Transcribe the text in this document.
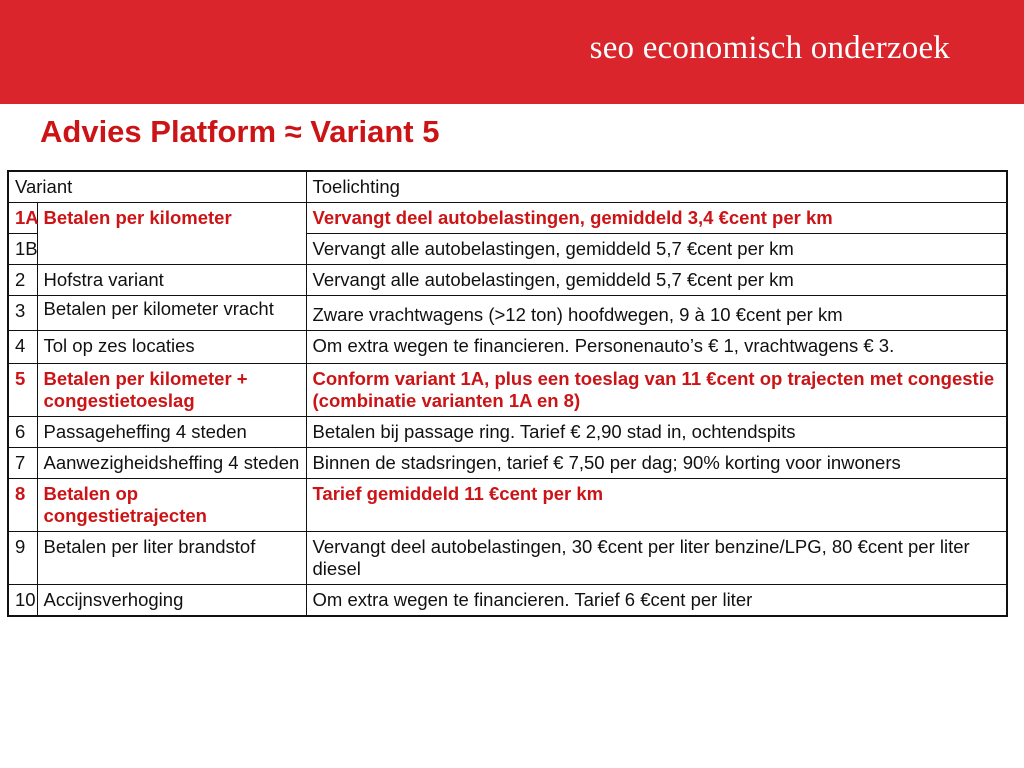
seo economisch onderzoek
Advies Platform ≈ Variant 5
Variant		Toelichting
1A	Betalen per kilometer	Vervangt deel autobelastingen, gemiddeld 3,4 €cent per km
1B		Vervangt alle autobelastingen, gemiddeld 5,7 €cent per km
2	Hofstra variant	Vervangt alle autobelastingen, gemiddeld 5,7 €cent per km
3	Betalen per kilometer vracht	Zware vrachtwagens (>12 ton) hoofdwegen, 9 à 10 €cent per km
4	Tol op zes locaties	Om extra wegen te financieren. Personenauto’s € 1, vrachtwagens € 3.
5	Betalen per kilometer + congestietoeslag	Conform variant 1A, plus een toeslag van 11 €cent op trajecten met congestie (combinatie varianten 1A en 8)
6	Passageheffing 4 steden	Betalen bij passage ring. Tarief € 2,90 stad in, ochtendspits
7	Aanwezigheidsheffing 4 steden	Binnen de stadsringen, tarief € 7,50 per dag; 90% korting voor inwoners
8	Betalen op congestietrajecten	Tarief gemiddeld 11 €cent per km
9	Betalen per liter brandstof	Vervangt deel autobelastingen, 30 €cent per liter benzine/LPG, 80 €cent per liter diesel
10	Accijnsverhoging	Om extra wegen te financieren. Tarief 6 €cent per liter
